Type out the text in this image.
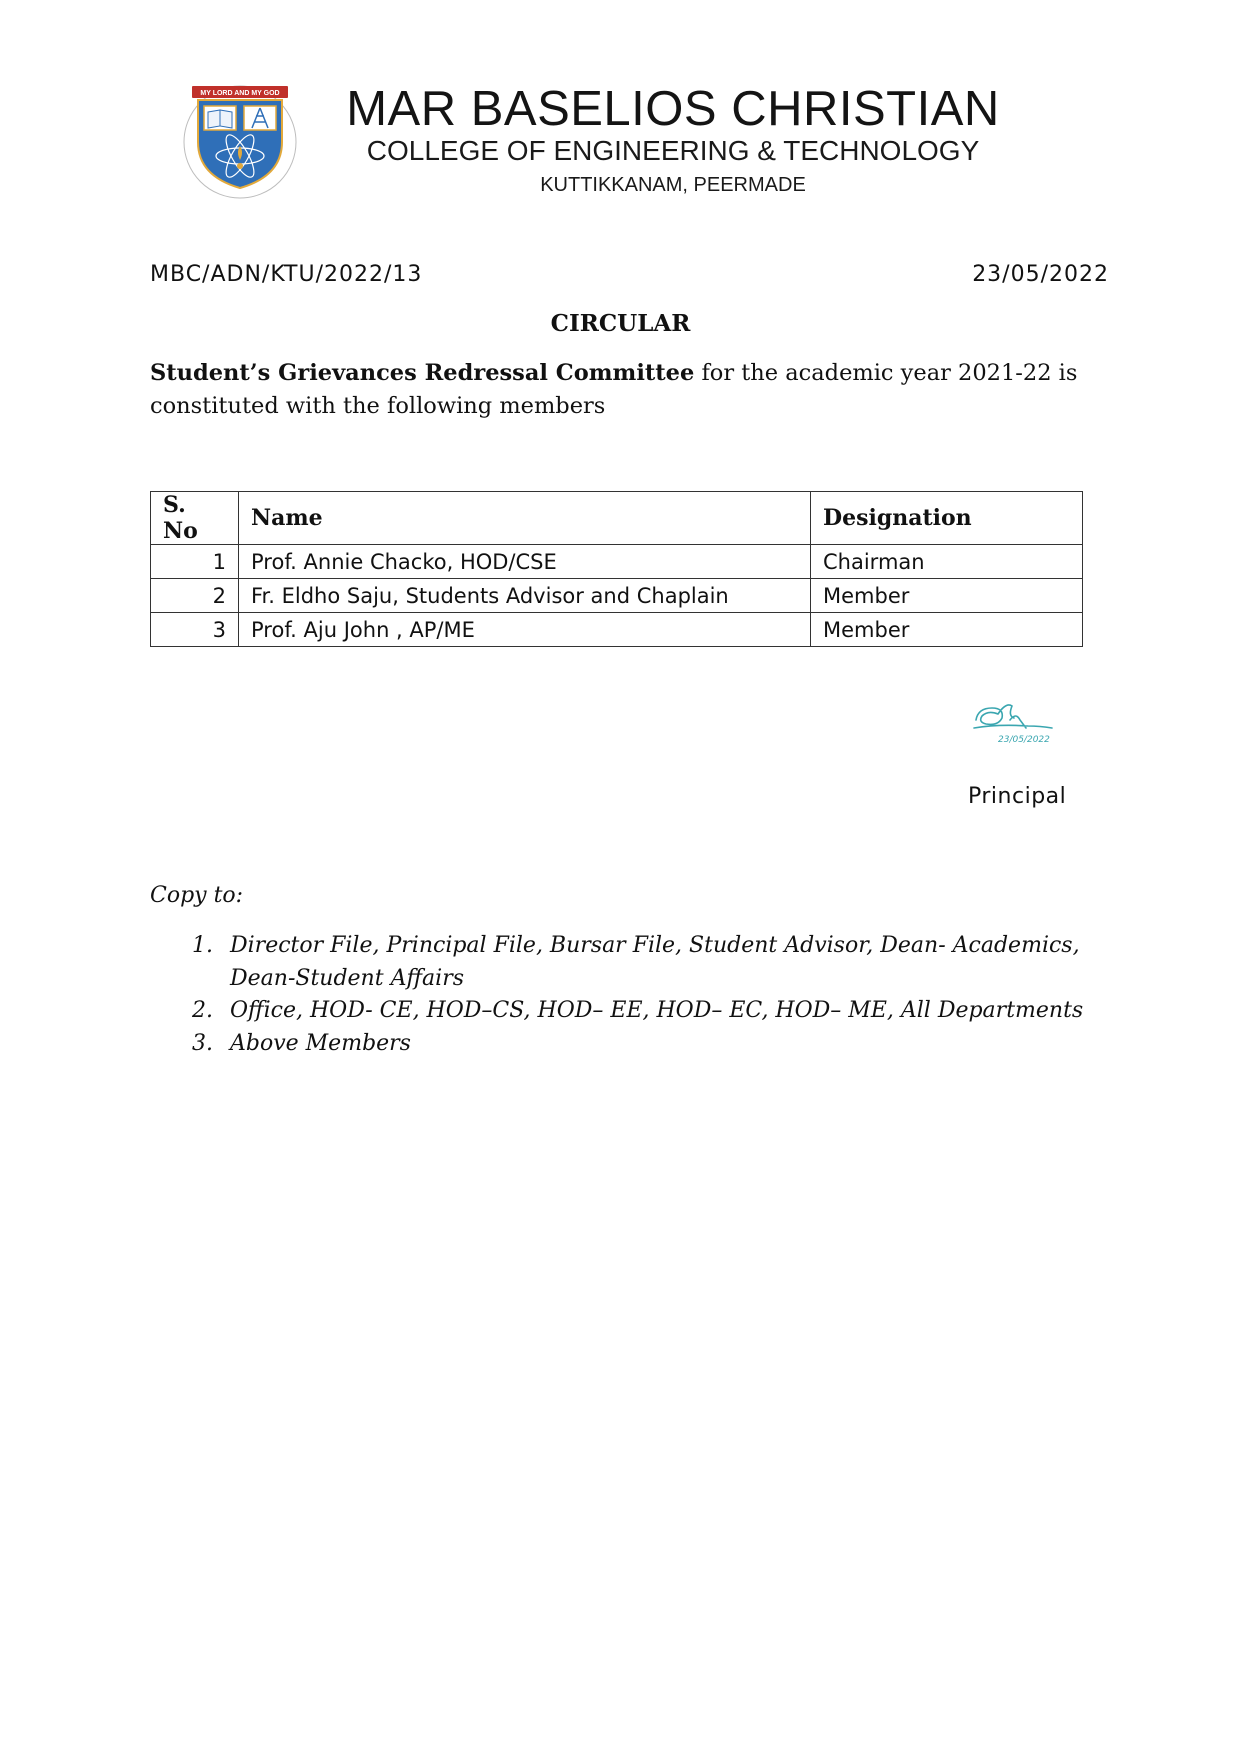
MY LORD AND MY GOD	MAR BASELIOS CHRISTIAN
COLLEGE OF ENGINEERING & TECHNOLOGY
KUTTIKKANAM, PEERMADE
MBC/ADN/KTU/2022/13	23/05/2022
CIRCULAR
Student’s Grievances Redressal Committee for the academic year 2021-22 is constituted with the following members
S. No	Name	Designation
1	Prof. Annie Chacko, HOD/CSE	Chairman
2	Fr. Eldho Saju, Students Advisor and Chaplain	Member
3	Prof. Aju John , AP/ME	Member
23/05/2022
Principal
Copy to:
1. Director File, Principal File, Bursar File, Student Advisor, Dean- Academics, Dean-Student Affairs
2. Office, HOD- CE, HOD–CS, HOD– EE, HOD– EC, HOD– ME, All Departments
3. Above Members
